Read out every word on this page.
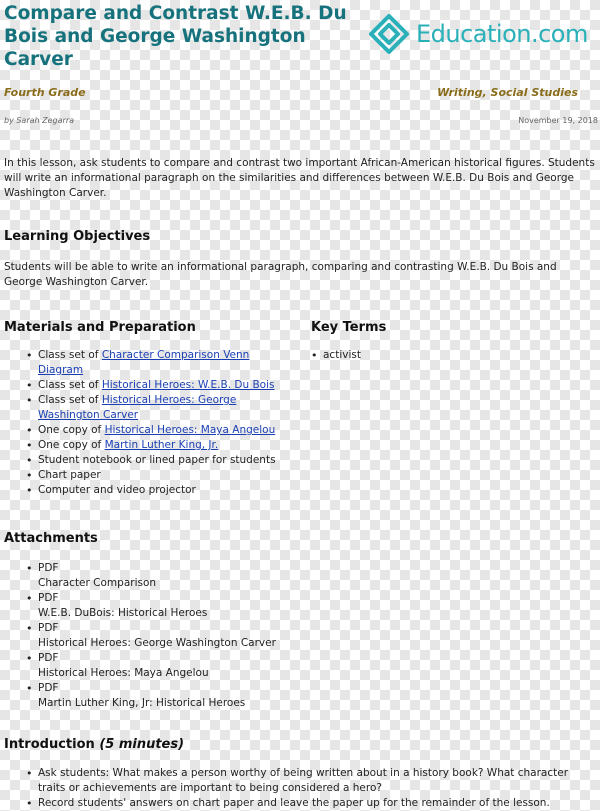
Compare and Contrast W.E.B. Du Bois and George Washington Carver
Education.com
Fourth Grade	Writing, Social Studies
by Sarah Zegarra	November 19, 2018
In this lesson, ask students to compare and contrast two important African-American historical figures. Students will write an informational paragraph on the similarities and differences between W.E.B. Du Bois and George Washington Carver.
Learning Objectives
Students will be able to write an informational paragraph, comparing and contrasting W.E.B. Du Bois and George Washington Carver.
Materials and Preparation
• Class set of Character Comparison Venn Diagram
• Class set of Historical Heroes: W.E.B. Du Bois
• Class set of Historical Heroes: George Washington Carver
• One copy of Historical Heroes: Maya Angelou
• One copy of Martin Luther King, Jr.
• Student notebook or lined paper for students
• Chart paper
• Computer and video projector
Key Terms
• activist
Attachments
• PDF
Character Comparison
• PDF
W.E.B. DuBois: Historical Heroes
• PDF
Historical Heroes: George Washington Carver
• PDF
Historical Heroes: Maya Angelou
• PDF
Martin Luther King, Jr: Historical Heroes
Introduction (5 minutes)
• Ask students: What makes a person worthy of being written about in a history book? What character traits or achievements are important to being considered a hero?
• Record students' answers on chart paper and leave the paper up for the remainder of the lesson.
